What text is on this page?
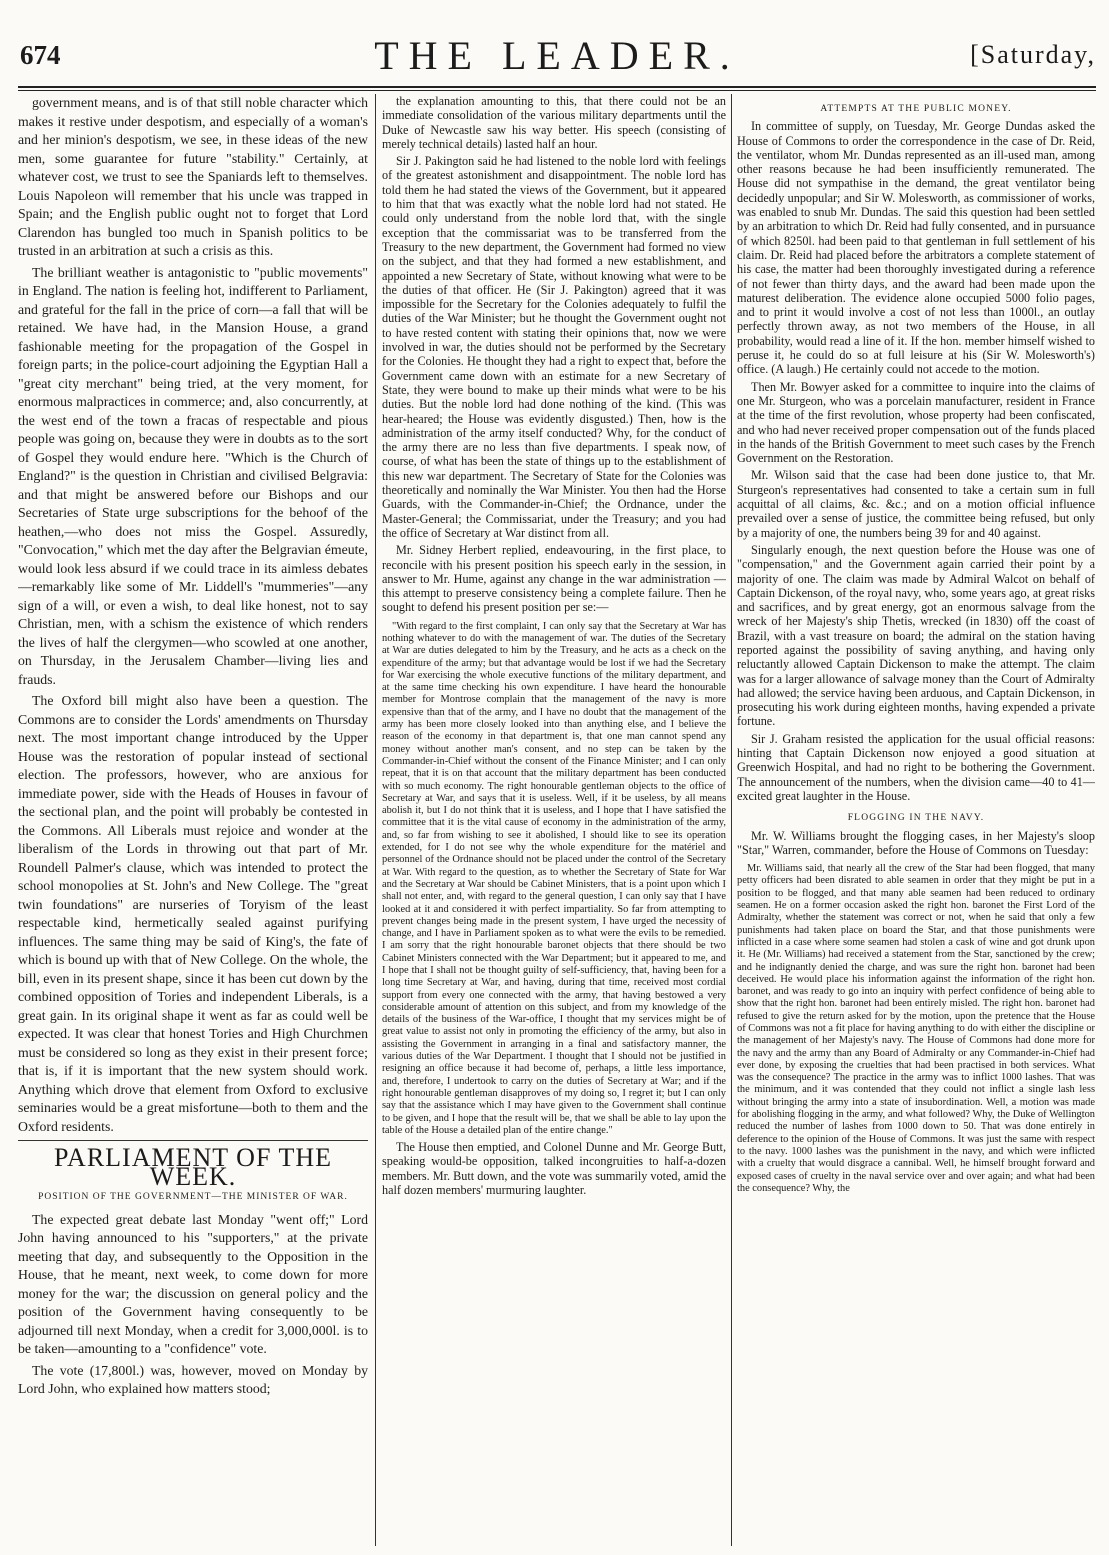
674	THE LEADER.	[Saturday,

government means, and is of that still noble character which makes it restive under despotism, and especially of a woman's and her minion's despotism, we see, in these ideas of the new men, some guarantee for future "stability." Certainly, at whatever cost, we trust to see the Spaniards left to themselves. Louis Napoleon will remember that his uncle was trapped in Spain; and the English public ought not to forget that Lord Clarendon has bungled too much in Spanish politics to be trusted in an arbitration at such a crisis as this.

The brilliant weather is antagonistic to "public movements" in England. The nation is feeling hot, indifferent to Parliament, and grateful for the fall in the price of corn—a fall that will be retained. We have had, in the Mansion House, a grand fashionable meeting for the propagation of the Gospel in foreign parts; in the police-court adjoining the Egyptian Hall a "great city merchant" being tried, at the very moment, for enormous malpractices in commerce; and, also concurrently, at the west end of the town a fracas of respectable and pious people was going on, because they were in doubts as to the sort of Gospel they would endure here. "Which is the Church of England?" is the question in Christian and civilised Belgravia: and that might be answered before our Bishops and our Secretaries of State urge subscriptions for the behoof of the heathen,—who does not miss the Gospel. Assuredly, "Convocation," which met the day after the Belgravian émeute, would look less absurd if we could trace in its aimless debates—remarkably like some of Mr. Liddell's "mummeries"—any sign of a will, or even a wish, to deal like honest, not to say Christian, men, with a schism the existence of which renders the lives of half the clergymen—who scowled at one another, on Thursday, in the Jerusalem Chamber—living lies and frauds.

The Oxford bill might also have been a question. The Commons are to consider the Lords' amendments on Thursday next. The most important change introduced by the Upper House was the restoration of popular instead of sectional election. The professors, however, who are anxious for immediate power, side with the Heads of Houses in favour of the sectional plan, and the point will probably be contested in the Commons. All Liberals must rejoice and wonder at the liberalism of the Lords in throwing out that part of Mr. Roundell Palmer's clause, which was intended to protect the school monopolies at St. John's and New College. The "great twin foundations" are nurseries of Toryism of the least respectable kind, hermetically sealed against purifying influences. The same thing may be said of King's, the fate of which is bound up with that of New College. On the whole, the bill, even in its present shape, since it has been cut down by the combined opposition of Tories and independent Liberals, is a great gain. In its original shape it went as far as could well be expected. It was clear that honest Tories and High Churchmen must be considered so long as they exist in their present force; that is, if it is important that the new system should work. Anything which drove that element from Oxford to exclusive seminaries would be a great misfortune—both to them and the Oxford residents.

PARLIAMENT OF THE WEEK.
POSITION OF THE GOVERNMENT—THE MINISTER OF WAR.

The expected great debate last Monday "went off;" Lord John having announced to his "supporters," at the private meeting that day, and subsequently to the Opposition in the House, that he meant, next week, to come down for more money for the war; the discussion on general policy and the position of the Government having consequently to be adjourned till next Monday, when a credit for 3,000,000l. is to be taken—amounting to a "confidence" vote.

The vote (17,800l.) was, however, moved on Monday by Lord John, who explained how matters stood;

the explanation amounting to this, that there could not be an immediate consolidation of the various military departments until the Duke of Newcastle saw his way better. His speech (consisting of merely technical details) lasted half an hour.

Sir J. Pakington said he had listened to the noble lord with feelings of the greatest astonishment and disappointment. The noble lord has told them he had stated the views of the Government, but it appeared to him that that was exactly what the noble lord had not stated. He could only understand from the noble lord that, with the single exception that the commissariat was to be transferred from the Treasury to the new department, the Government had formed no view on the subject, and that they had formed a new establishment, and appointed a new Secretary of State, without knowing what were to be the duties of that officer. He (Sir J. Pakington) agreed that it was impossible for the Secretary for the Colonies adequately to fulfil the duties of the War Minister; but he thought the Government ought not to have rested content with stating their opinions that, now we were involved in war, the duties should not be performed by the Secretary for the Colonies. He thought they had a right to expect that, before the Government came down with an estimate for a new Secretary of State, they were bound to make up their minds what were to be his duties. But the noble lord had done nothing of the kind. (This was hear-heared; the House was evidently disgusted.) Then, how is the administration of the army itself conducted? Why, for the conduct of the army there are no less than five departments. I speak now, of course, of what has been the state of things up to the establishment of this new war department. The Secretary of State for the Colonies was theoretically and nominally the War Minister. You then had the Horse Guards, with the Commander-in-Chief; the Ordnance, under the Master-General; the Commissariat, under the Treasury; and you had the office of Secretary at War distinct from all.

Mr. Sidney Herbert replied, endeavouring, in the first place, to reconcile with his present position his speech early in the session, in answer to Mr. Hume, against any change in the war administration —this attempt to preserve consistency being a complete failure. Then he sought to defend his present position per se:—

"With regard to the first complaint, I can only say that the Secretary at War has nothing whatever to do with the management of war. The duties of the Secretary at War are duties delegated to him by the Treasury, and he acts as a check on the expenditure of the army; but that advantage would be lost if we had the Secretary for War exercising the whole executive functions of the military department, and at the same time checking his own expenditure. I have heard the honourable member for Montrose complain that the management of the navy is more expensive than that of the army, and I have no doubt that the management of the army has been more closely looked into than anything else, and I believe the reason of the economy in that department is, that one man cannot spend any money without another man's consent, and no step can be taken by the Commander-in-Chief without the consent of the Finance Minister; and I can only repeat, that it is on that account that the military department has been conducted with so much economy. The right honourable gentleman objects to the office of Secretary at War, and says that it is useless. Well, if it be useless, by all means abolish it, but I do not think that it is useless, and I hope that I have satisfied the committee that it is the vital cause of economy in the administration of the army, and, so far from wishing to see it abolished, I should like to see its operation extended, for I do not see why the whole expenditure for the matériel and personnel of the Ordnance should not be placed under the control of the Secretary at War. With regard to the question, as to whether the Secretary of State for War and the Secretary at War should be Cabinet Ministers, that is a point upon which I shall not enter, and, with regard to the general question, I can only say that I have looked at it and considered it with perfect impartiality. So far from attempting to prevent changes being made in the present system, I have urged the necessity of change, and I have in Parliament spoken as to what were the evils to be remedied. I am sorry that the right honourable baronet objects that there should be two Cabinet Ministers connected with the War Department; but it appeared to me, and I hope that I shall not be thought guilty of self-sufficiency, that, having been for a long time Secretary at War, and having, during that time, received most cordial support from every one connected with the army, that having bestowed a very considerable amount of attention on this subject, and from my knowledge of the details of the business of the War-office, I thought that my services might be of great value to assist not only in promoting the efficiency of the army, but also in assisting the Government in arranging in a final and satisfactory manner, the various duties of the War Department. I thought that I should not be justified in resigning an office because it had become of, perhaps, a little less importance, and, therefore, I undertook to carry on the duties of Secretary at War; and if the right honourable gentleman disapproves of my doing so, I regret it; but I can only say that the assistance which I may have given to the Government shall continue to be given, and I hope that the result will be, that we shall be able to lay upon the table of the House a detailed plan of the entire change."

The House then emptied, and Colonel Dunne and Mr. George Butt, speaking would-be opposition, talked incongruities to half-a-dozen members. Mr. Butt down, and the vote was summarily voted, amid the half dozen members' murmuring laughter.

ATTEMPTS AT THE PUBLIC MONEY.

In committee of supply, on Tuesday, Mr. George Dundas asked the House of Commons to order the correspondence in the case of Dr. Reid, the ventilator, whom Mr. Dundas represented as an ill-used man, among other reasons because he had been insufficiently remunerated. The House did not sympathise in the demand, the great ventilator being decidedly unpopular; and Sir W. Molesworth, as commissioner of works, was enabled to snub Mr. Dundas. The said this question had been settled by an arbitration to which Dr. Reid had fully consented, and in pursuance of which 8250l. had been paid to that gentleman in full settlement of his claim. Dr. Reid had placed before the arbitrators a complete statement of his case, the matter had been thoroughly investigated during a reference of not fewer than thirty days, and the award had been made upon the maturest deliberation. The evidence alone occupied 5000 folio pages, and to print it would involve a cost of not less than 1000l., an outlay perfectly thrown away, as not two members of the House, in all probability, would read a line of it. If the hon. member himself wished to peruse it, he could do so at full leisure at his (Sir W. Molesworth's) office. (A laugh.) He certainly could not accede to the motion.

Then Mr. Bowyer asked for a committee to inquire into the claims of one Mr. Sturgeon, who was a porcelain manufacturer, resident in France at the time of the first revolution, whose property had been confiscated, and who had never received proper compensation out of the funds placed in the hands of the British Government to meet such cases by the French Government on the Restoration.

Mr. Wilson said that the case had been done justice to, that Mr. Sturgeon's representatives had consented to take a certain sum in full acquittal of all claims, &c. &c.; and on a motion official influence prevailed over a sense of justice, the committee being refused, but only by a majority of one, the numbers being 39 for and 40 against.

Singularly enough, the next question before the House was one of "compensation," and the Government again carried their point by a majority of one. The claim was made by Admiral Walcot on behalf of Captain Dickenson, of the royal navy, who, some years ago, at great risks and sacrifices, and by great energy, got an enormous salvage from the wreck of her Majesty's ship Thetis, wrecked (in 1830) off the coast of Brazil, with a vast treasure on board; the admiral on the station having reported against the possibility of saving anything, and having only reluctantly allowed Captain Dickenson to make the attempt. The claim was for a larger allowance of salvage money than the Court of Admiralty had allowed; the service having been arduous, and Captain Dickenson, in prosecuting his work during eighteen months, having expended a private fortune.

Sir J. Graham resisted the application for the usual official reasons: hinting that Captain Dickenson now enjoyed a good situation at Greenwich Hospital, and had no right to be bothering the Government. The announcement of the numbers, when the division came—40 to 41—excited great laughter in the House.

FLOGGING IN THE NAVY.

Mr. W. Williams brought the flogging cases, in her Majesty's sloop "Star," Warren, commander, before the House of Commons on Tuesday:

Mr. Williams said, that nearly all the crew of the Star had been flogged, that many petty officers had been disrated to able seamen in order that they might be put in a position to be flogged, and that many able seamen had been reduced to ordinary seamen. He on a former occasion asked the right hon. baronet the First Lord of the Admiralty, whether the statement was correct or not, when he said that only a few punishments had taken place on board the Star, and that those punishments were inflicted in a case where some seamen had stolen a cask of wine and got drunk upon it. He (Mr. Williams) had received a statement from the Star, sanctioned by the crew; and he indignantly denied the charge, and was sure the right hon. baronet had been deceived. He would place his information against the information of the right hon. baronet, and was ready to go into an inquiry with perfect confidence of being able to show that the right hon. baronet had been entirely misled. The right hon. baronet had refused to give the return asked for by the motion, upon the pretence that the House of Commons was not a fit place for having anything to do with either the discipline or the management of her Majesty's navy. The House of Commons had done more for the navy and the army than any Board of Admiralty or any Commander-in-Chief had ever done, by exposing the cruelties that had been practised in both services. What was the consequence? The practice in the army was to inflict 1000 lashes. That was the minimum, and it was contended that they could not inflict a single lash less without bringing the army into a state of insubordination. Well, a motion was made for abolishing flogging in the army, and what followed? Why, the Duke of Wellington reduced the number of lashes from 1000 down to 50. That was done entirely in deference to the opinion of the House of Commons. It was just the same with respect to the navy. 1000 lashes was the punishment in the navy, and which were inflicted with a cruelty that would disgrace a cannibal. Well, he himself brought forward and exposed cases of cruelty in the naval service over and over again; and what had been the consequence? Why, the
